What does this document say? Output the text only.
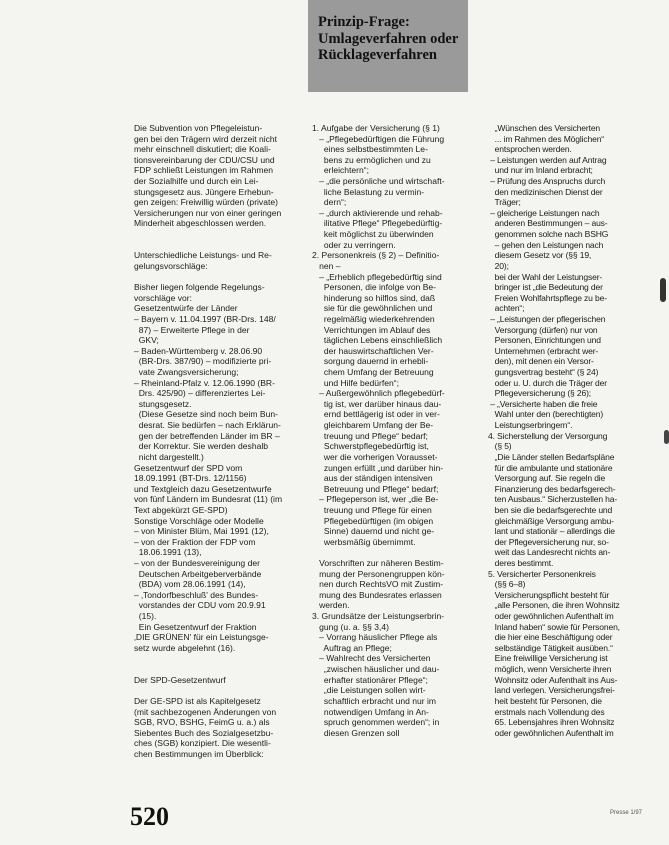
Prinzip-Frage:
Umlageverfahren oder
Rücklageverfahren
Die Subvention von Pflegeleistun-
gen bei den Trägern wird derzeit nicht
mehr einschnell diskutiert; die Koali-
tionsvereinbarung der CDU/CSU und
FDP schließt Leistungen im Rahmen
der Sozialhilfe und durch ein Lei-
stungsgesetz aus. Jüngere Erhebun-
gen zeigen: Freiwillig würden (private)
Versicherungen nur von einer geringen
Minderheit abgeschlossen werden.
Unterschiedliche Leistungs- und Re-
gelungsvorschläge:
Bisher liegen folgende Regelungs-
vorschläge vor:
Gesetzentwürfe der Länder
– Bayern v. 11.04.1997 (BR-Drs. 148/
87) – Erweiterte Pflege in der
GKV;
– Baden-Württemberg v. 28.06.90
(BR-Drs. 387/90) – modifizierte pri-
vate Zwangsversicherung;
– Rheinland-Pfalz v. 12.06.1990 (BR-
Drs. 425/90) – differenziertes Lei-
stungsgesetz.
(Diese Gesetze sind noch beim Bun-
desrat. Sie bedürfen – nach Erklärun-
gen der betreffenden Länder im BR –
der Korrektur. Sie werden deshalb
nicht dargestellt.)
Gesetzentwurf der SPD vom
18.09.1991 (BT-Drs. 12/1156)
und Textgleich dazu Gesetzentwurfe
von fünf Ländern im Bundesrat (11) (im
Text abgekürzt GE-SPD)
Sonstige Vorschläge oder Modelle
– von Minister Blüm, Mai 1991 (12),
– von der Fraktion der FDP vom
18.06.1991 (13),
– von der Bundesvereinigung der
Deutschen Arbeitgeberverbände
(BDA) vom 28.06.1991 (14),
– ‚Tondorfbeschluß' des Bundes-
vorstandes der CDU vom 20.9.91
(15).
Ein Gesetzentwurf der Fraktion
‚DIE GRÜNEN' für ein Leistungsge-
setz wurde abgelehnt (16).
Der SPD-Gesetzentwurf
Der GE-SPD ist als Kapitelgesetz
(mit sachbezogenen Änderungen von
SGB, RVO, BSHG, FeimG u. a.) als
Siebentes Buch des Sozialgesetzbu-
ches (SGB) konzipiert. Die wesentli-
chen Bestimmungen im Überblick:
1. Aufgabe der Versicherung (§ 1)
– „Pflegebedürftigen die Führung
eines selbstbestimmten Le-
bens zu ermöglichen und zu
erleichtern“;
– „die persönliche und wirtschaft-
liche Belastung zu vermin-
dern“;
– „durch aktivierende und rehab-
ilitative Pflege“ Pflegebedürftig-
keit möglichst zu überwinden
oder zu verringern.
2. Personenkreis (§ 2) – Definitio-
nen –
– „Erheblich pflegebedürftig sind
Personen, die infolge von Be-
hinderung so hilflos sind, daß
sie für die gewöhnlichen und
regelmäßig wiederkehrenden
Verrichtungen im Ablauf des
täglichen Lebens einschließlich
der hauswirtschaftlichen Ver-
sorgung dauernd in erhebli-
chem Umfang der Betreuung
und Hilfe bedürfen“;
– Außergewöhnlich pflegebedürf-
tig ist, wer darüber hinaus dau-
ernd bettlägerig ist oder in ver-
gleichbarem Umfang der Be-
treuung und Pflege“ bedarf;
Schwerstpflegebedürftig ist,
wer die vorherigen Vorausset-
zungen erfüllt „und darüber hin-
aus der ständigen intensiven
Betreuung und Pflege“ bedarf;
– Pflegeperson ist, wer „die Be-
treuung und Pflege für einen
Pflegebedürftigen (im obigen
Sinne) dauernd und nicht ge-
werbsmäßig übernimmt.
Vorschriften zur näheren Bestim-
mung der Personengruppen kön-
nen durch RechtsVO mit Zustim-
mung des Bundesrates erlassen
werden.
3. Grundsätze der Leistungserbrin-
gung (u. a. §§ 3,4)
– Vorrang häuslicher Pflege als
Auftrag an Pflege;
– Wahlrecht des Versicherten
„zwischen häuslicher und dau-
erhafter stationärer Pflege“;
„die Leistungen sollen wirt-
schaftlich erbracht und nur im
notwendigen Umfang in An-
spruch genommen werden“; in
diesen Grenzen soll
„Wünschen des Versicherten
... im Rahmen des Möglichen“
entsprochen werden.
– Leistungen werden auf Antrag
und nur im Inland erbracht;
– Prüfung des Anspruchs durch
den medizinischen Dienst der
Träger;
– gleicherige Leistungen nach
anderen Bestimmungen – aus-
genommen solche nach BSHG
– gehen den Leistungen nach
diesem Gesetz vor (§§ 19,
20);
bei der Wahl der Leistungser-
bringer ist „die Bedeutung der
Freien Wohlfahrtspflege zu be-
achten“;
– „Leistungen der pflegerischen
Versorgung (dürfen) nur von
Personen, Einrichtungen und
Unternehmen (erbracht wer-
den), mit denen ein Versor-
gungsvertrag besteht“ (§ 24)
oder u. U. durch die Träger der
Pflegeversicherung (§ 26);
– „Versicherte haben die freie
Wahl unter den (berechtigten)
Leistungserbringern“.
4. Sicherstellung der Versorgung
(§ 5)
„Die Länder stellen Bedarfspläne
für die ambulante und stationäre
Versorgung auf. Sie regeln die
Finanzierung des bedarfsgerech-
ten Ausbaus.“ Sicherzustellen ha-
ben sie die bedarfsgerechte und
gleichmäßige Versorgung ambu-
lant und stationär – allerdings die
der Pflegeversicherung nur, so-
weit das Landesrecht nichts an-
deres bestimmt.
5. Versicherter Personenkreis
(§§ 6–8)
Versicherungspflicht besteht für
„alle Personen, die ihren Wohnsitz
oder gewöhnlichen Aufenthalt im
Inland haben“ sowie für Personen,
die hier eine Beschäftigung oder
selbständige Tätigkeit ausüben.“
Eine freiwillige Versicherung ist
möglich, wenn Versicherte ihren
Wohnsitz oder Aufenthalt ins Aus-
land verlegen. Versicherungsfrei-
heit besteht für Personen, die
erstmals nach Vollendung des
65. Lebensjahres ihren Wohnsitz
oder gewöhnlichen Aufenthalt im
520	Presse 1/97
